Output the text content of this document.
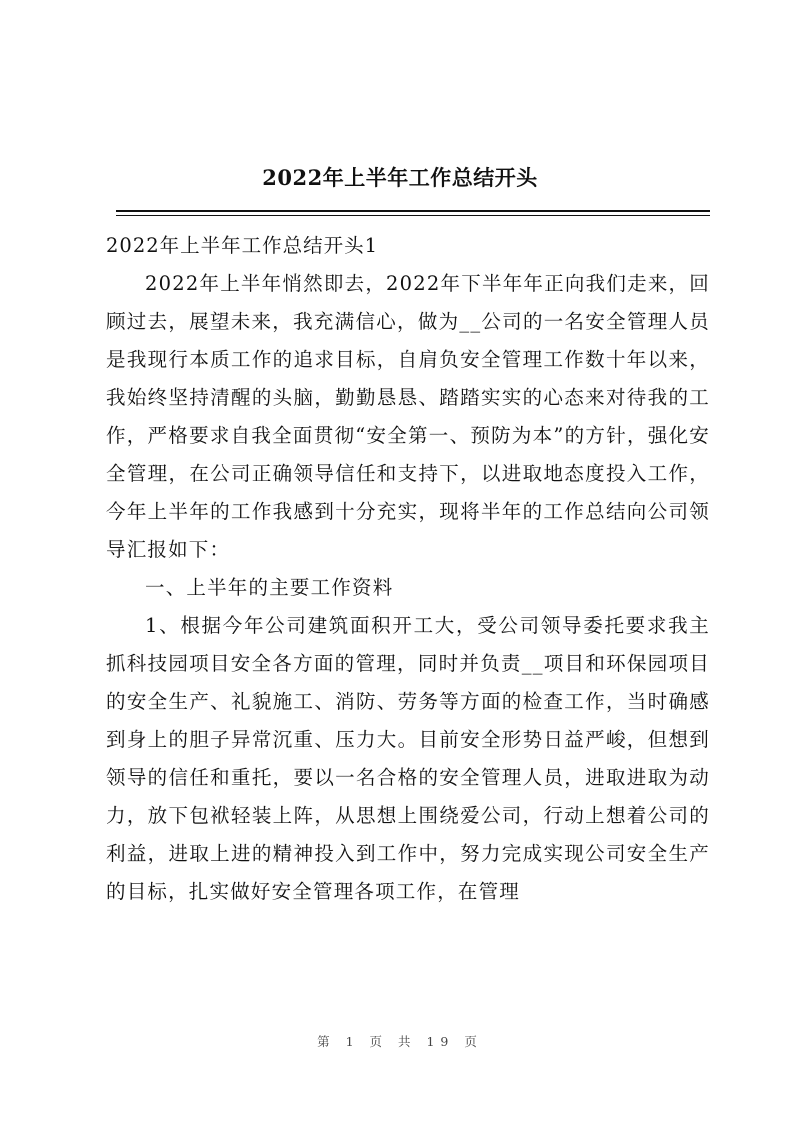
2022年上半年工作总结开头

2022年上半年工作总结开头1

2022年上半年悄然即去，2022年下半年年正向我们走来，回顾过去，展望未来，我充满信心，做为__公司的一名安全管理人员是我现行本质工作的追求目标，自肩负安全管理工作数十年以来，我始终坚持清醒的头脑，勤勤恳恳、踏踏实实的心态来对待我的工作，严格要求自我全面贯彻“安全第一、预防为本”的方针，强化安全管理，在公司正确领导信任和支持下，以进取地态度投入工作，今年上半年的工作我感到十分充实，现将半年的工作总结向公司领导汇报如下：

一、上半年的主要工作资料

1、根据今年公司建筑面积开工大，受公司领导委托要求我主抓科技园项目安全各方面的管理，同时并负责__项目和环保园项目的安全生产、礼貌施工、消防、劳务等方面的检查工作，当时确感到身上的胆子异常沉重、压力大。目前安全形势日益严峻，但想到领导的信任和重托，要以一名合格的安全管理人员，进取进取为动力，放下包袱轻装上阵，从思想上围绕爱公司，行动上想着公司的利益，进取上进的精神投入到工作中，努力完成实现公司安全生产的目标，扎实做好安全管理各项工作，在管理

第 1 页 共 19 页
